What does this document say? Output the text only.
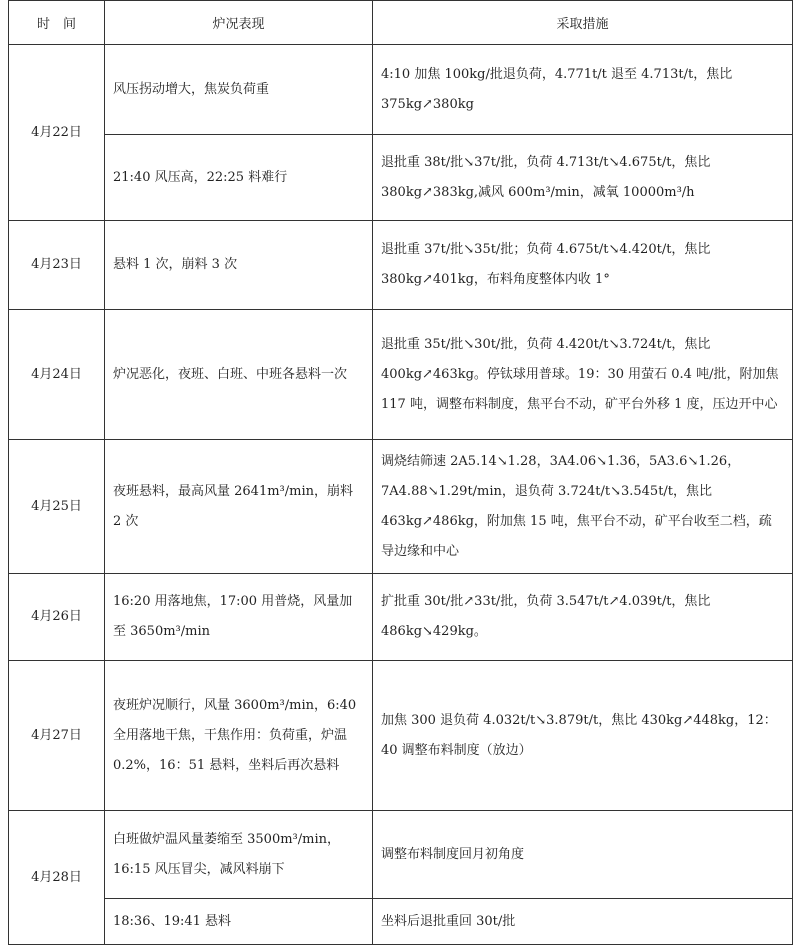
时　间	炉况表现	采取措施
4月22日	风压拐动增大，焦炭负荷重	4:10 加焦 100kg/批退负荷，4.771t/t 退至 4.713t/t，焦比 375kg↗380kg
	21:40 风压高，22:25 料难行	退批重 38t/批↘37t/批，负荷 4.713t/t↘4.675t/t，焦比 380kg↗383kg,减风 600m³/min，减氧 10000m³/h
4月23日	悬料 1 次，崩料 3 次	退批重 37t/批↘35t/批；负荷 4.675t/t↘4.420t/t，焦比 380kg↗401kg，布料角度整体内收 1°
4月24日	炉况恶化，夜班、白班、中班各悬料一次	退批重 35t/批↘30t/批，负荷 4.420t/t↘3.724t/t，焦比 400kg↗463kg。停钛球用普球。19：30 用萤石 0.4 吨/批，附加焦 117 吨，调整布料制度，焦平台不动，矿平台外移 1 度，压边开中心
4月25日	夜班悬料，最高风量 2641m³/min，崩料 2 次	调烧结筛速 2A5.14↘1.28，3A4.06↘1.36，5A3.6↘1.26，7A4.88↘1.29t/min，退负荷 3.724t/t↘3.545t/t，焦比 463kg↗486kg，附加焦 15 吨，焦平台不动，矿平台收至二档，疏导边缘和中心
4月26日	16:20 用落地焦，17:00 用普烧，风量加至 3650m³/min	扩批重 30t/批↗33t/批，负荷 3.547t/t↗4.039t/t，焦比 486kg↘429kg。
4月27日	夜班炉况顺行，风量 3600m³/min，6:40 全用落地干焦，干焦作用：负荷重，炉温 0.2%，16：51 悬料，坐料后再次悬料	加焦 300 退负荷 4.032t/t↘3.879t/t，焦比 430kg↗448kg，12：40 调整布料制度（放边）
4月28日	白班做炉温风量萎缩至 3500m³/min，16:15 风压冒尖，减风料崩下	调整布料制度回月初角度
	18:36、19:41 悬料	坐料后退批重回 30t/批
